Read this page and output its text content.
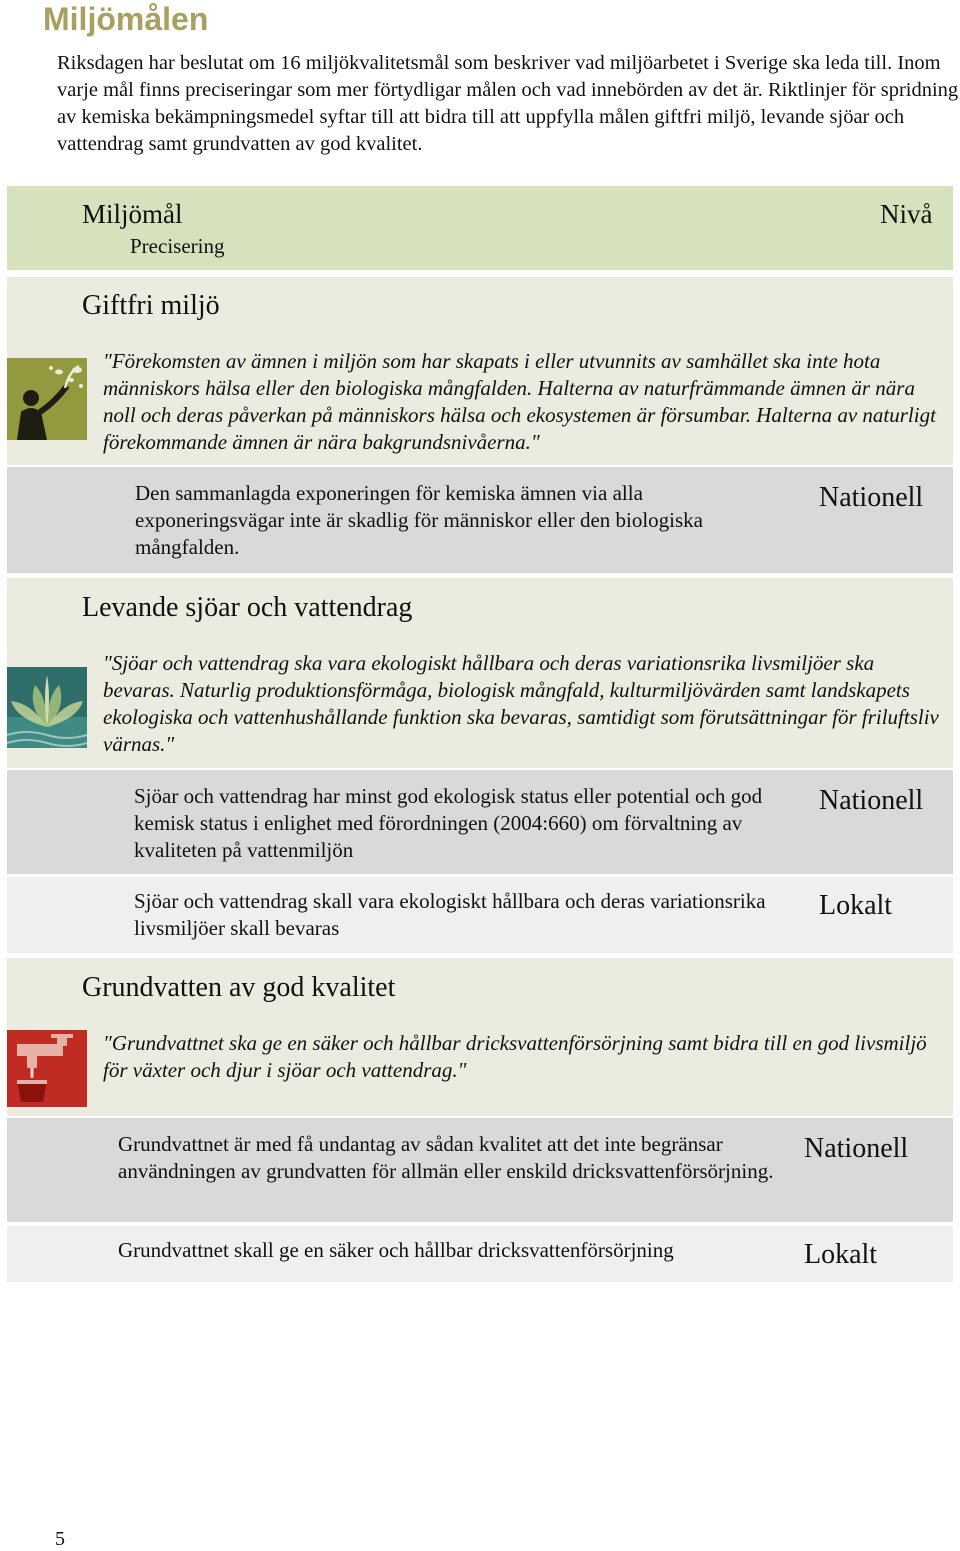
Miljömålen

Riksdagen har beslutat om 16 miljökvalitetsmål som beskriver vad miljöarbetet i Sverige ska leda till. Inom varje mål finns preciseringar som mer förtydligar målen och vad innebörden av det är. Riktlinjer för spridning av kemiska bekämpningsmedel syftar till att bidra till att uppfylla målen giftfri miljö, levande sjöar och vattendrag samt grundvatten av god kvalitet.

Miljömål

Precisering

Nivå

Giftfri miljö

"Förekomsten av ämnen i miljön som har skapats i eller utvunnits av samhället ska inte hota människors hälsa eller den biologiska mångfalden. Halterna av naturfrämmande ämnen är nära noll och deras påverkan på människors hälsa och ekosystemen är försumbar. Halterna av naturligt förekommande ämnen är nära bakgrundsnivåerna."

Den sammanlagda exponeringen för kemiska ämnen via alla exponeringsvägar inte är skadlig för människor eller den biologiska mångfalden.

Nationell

Levande sjöar och vattendrag

"Sjöar och vattendrag ska vara ekologiskt hållbara och deras variationsrika livsmiljöer ska bevaras. Naturlig produktionsförmåga, biologisk mångfald, kulturmiljövärden samt landskapets ekologiska och vattenhushållande funktion ska bevaras, samtidigt som förutsättningar för friluftsliv värnas."

Sjöar och vattendrag har minst god ekologisk status eller potential och god kemisk status i enlighet med förordningen (2004:660) om förvaltning av kvaliteten på vattenmiljön

Nationell

Sjöar och vattendrag skall vara ekologiskt hållbara och deras variationsrika livsmiljöer skall bevaras

Lokalt

Grundvatten av god kvalitet

"Grundvattnet ska ge en säker och hållbar dricksvattenförsörjning samt bidra till en god livsmiljö för växter och djur i sjöar och vattendrag."

Grundvattnet är med få undantag av sådan kvalitet att det inte begränsar användningen av grundvatten för allmän eller enskild dricksvattenförsörjning.

Nationell

Grundvattnet skall ge en säker och hållbar dricksvattenförsörjning	Lokalt

5
